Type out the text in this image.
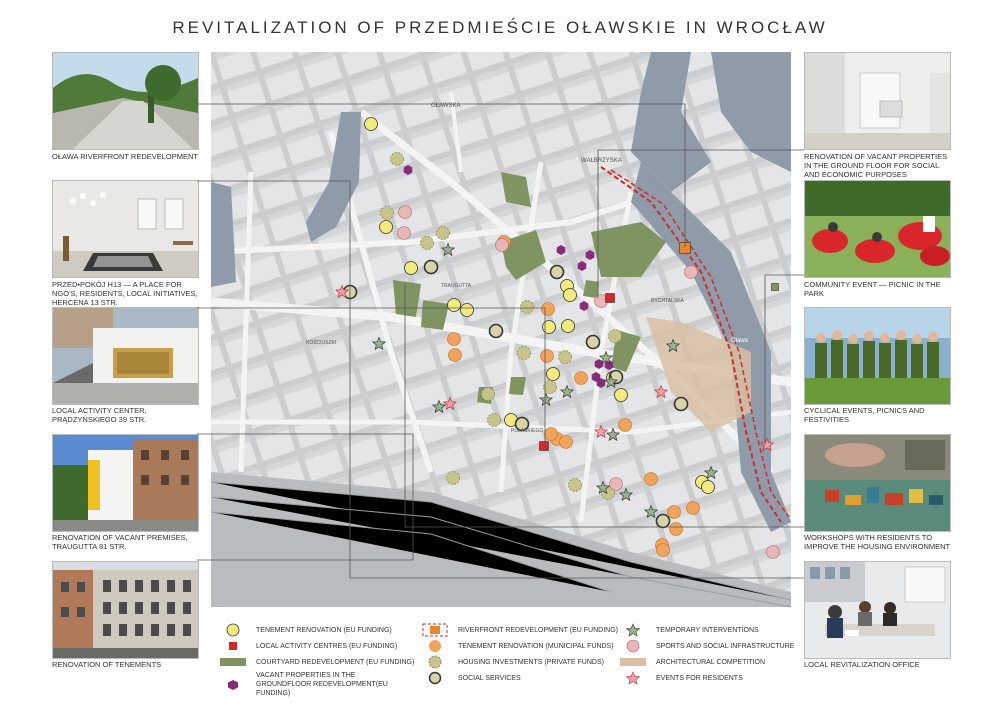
REVITALIZATION OF PRZEDMIEŚCIE OŁAWSKIE IN WROCŁAW
OŁAWA RIVERFRONT REDEVELOPMENT
PRZED•POKÓJ H13 — A PLACE FOR NGO'S, RESIDENTS, LOCAL INITIATIVES, HERCENA 13 STR.
LOCAL ACTIVITY CENTER, PRĄDZYŃSKIEGO 39 STR.
RENOVATION OF VACANT PREMISES, TRAUGUTTA 81 STR.
RENOVATION OF TENEMENTS
RENOVATION OF VACANT PROPERTIES IN THE GROUND FLOOR FOR SOCIAL AND ECONOMIC PURPOSES
COMMUNITY EVENT — PICNIC IN THE PARK
CYCLICAL EVENTS, PICNICS AND FESTIVITIES
WORKSHOPS WITH RESIDENTS TO IMPROVE THE HOUSING ENVIRONMENT
LOCAL REVITALIZATION OFFICE
OŁAWSKA
WAŁBRZYSKA
Oława
TRAUGUTTA
KOŚCIUSZKI
PUŁASKIEGO
RYCHTALSKA
TENEMENT RENOVATION (EU FUNDING)
LOCAL ACTIVITY CENTRES (EU FUNDING)
COURTYARD REDEVELOPMENT (EU FUNDING)
VACANT PROPERTIES IN THE GROUNDFLOOR REDEVELOPMENT(EU FUNDING)
RIVERFRONT REDEVELOPMENT (EU FUNDING)
TENEMENT RENOVATION (MUNICIPAL FUNDS)
HOUSING INVESTMENTS (PRIVATE FUNDS)
SOCIAL SERVICES
TEMPORARY INTERVENTIONS
SPORTS AND SOCIAL INFRASTRUCTURE
ARCHITECTURAL COMPETITION
EVENTS FOR RESIDENTS
